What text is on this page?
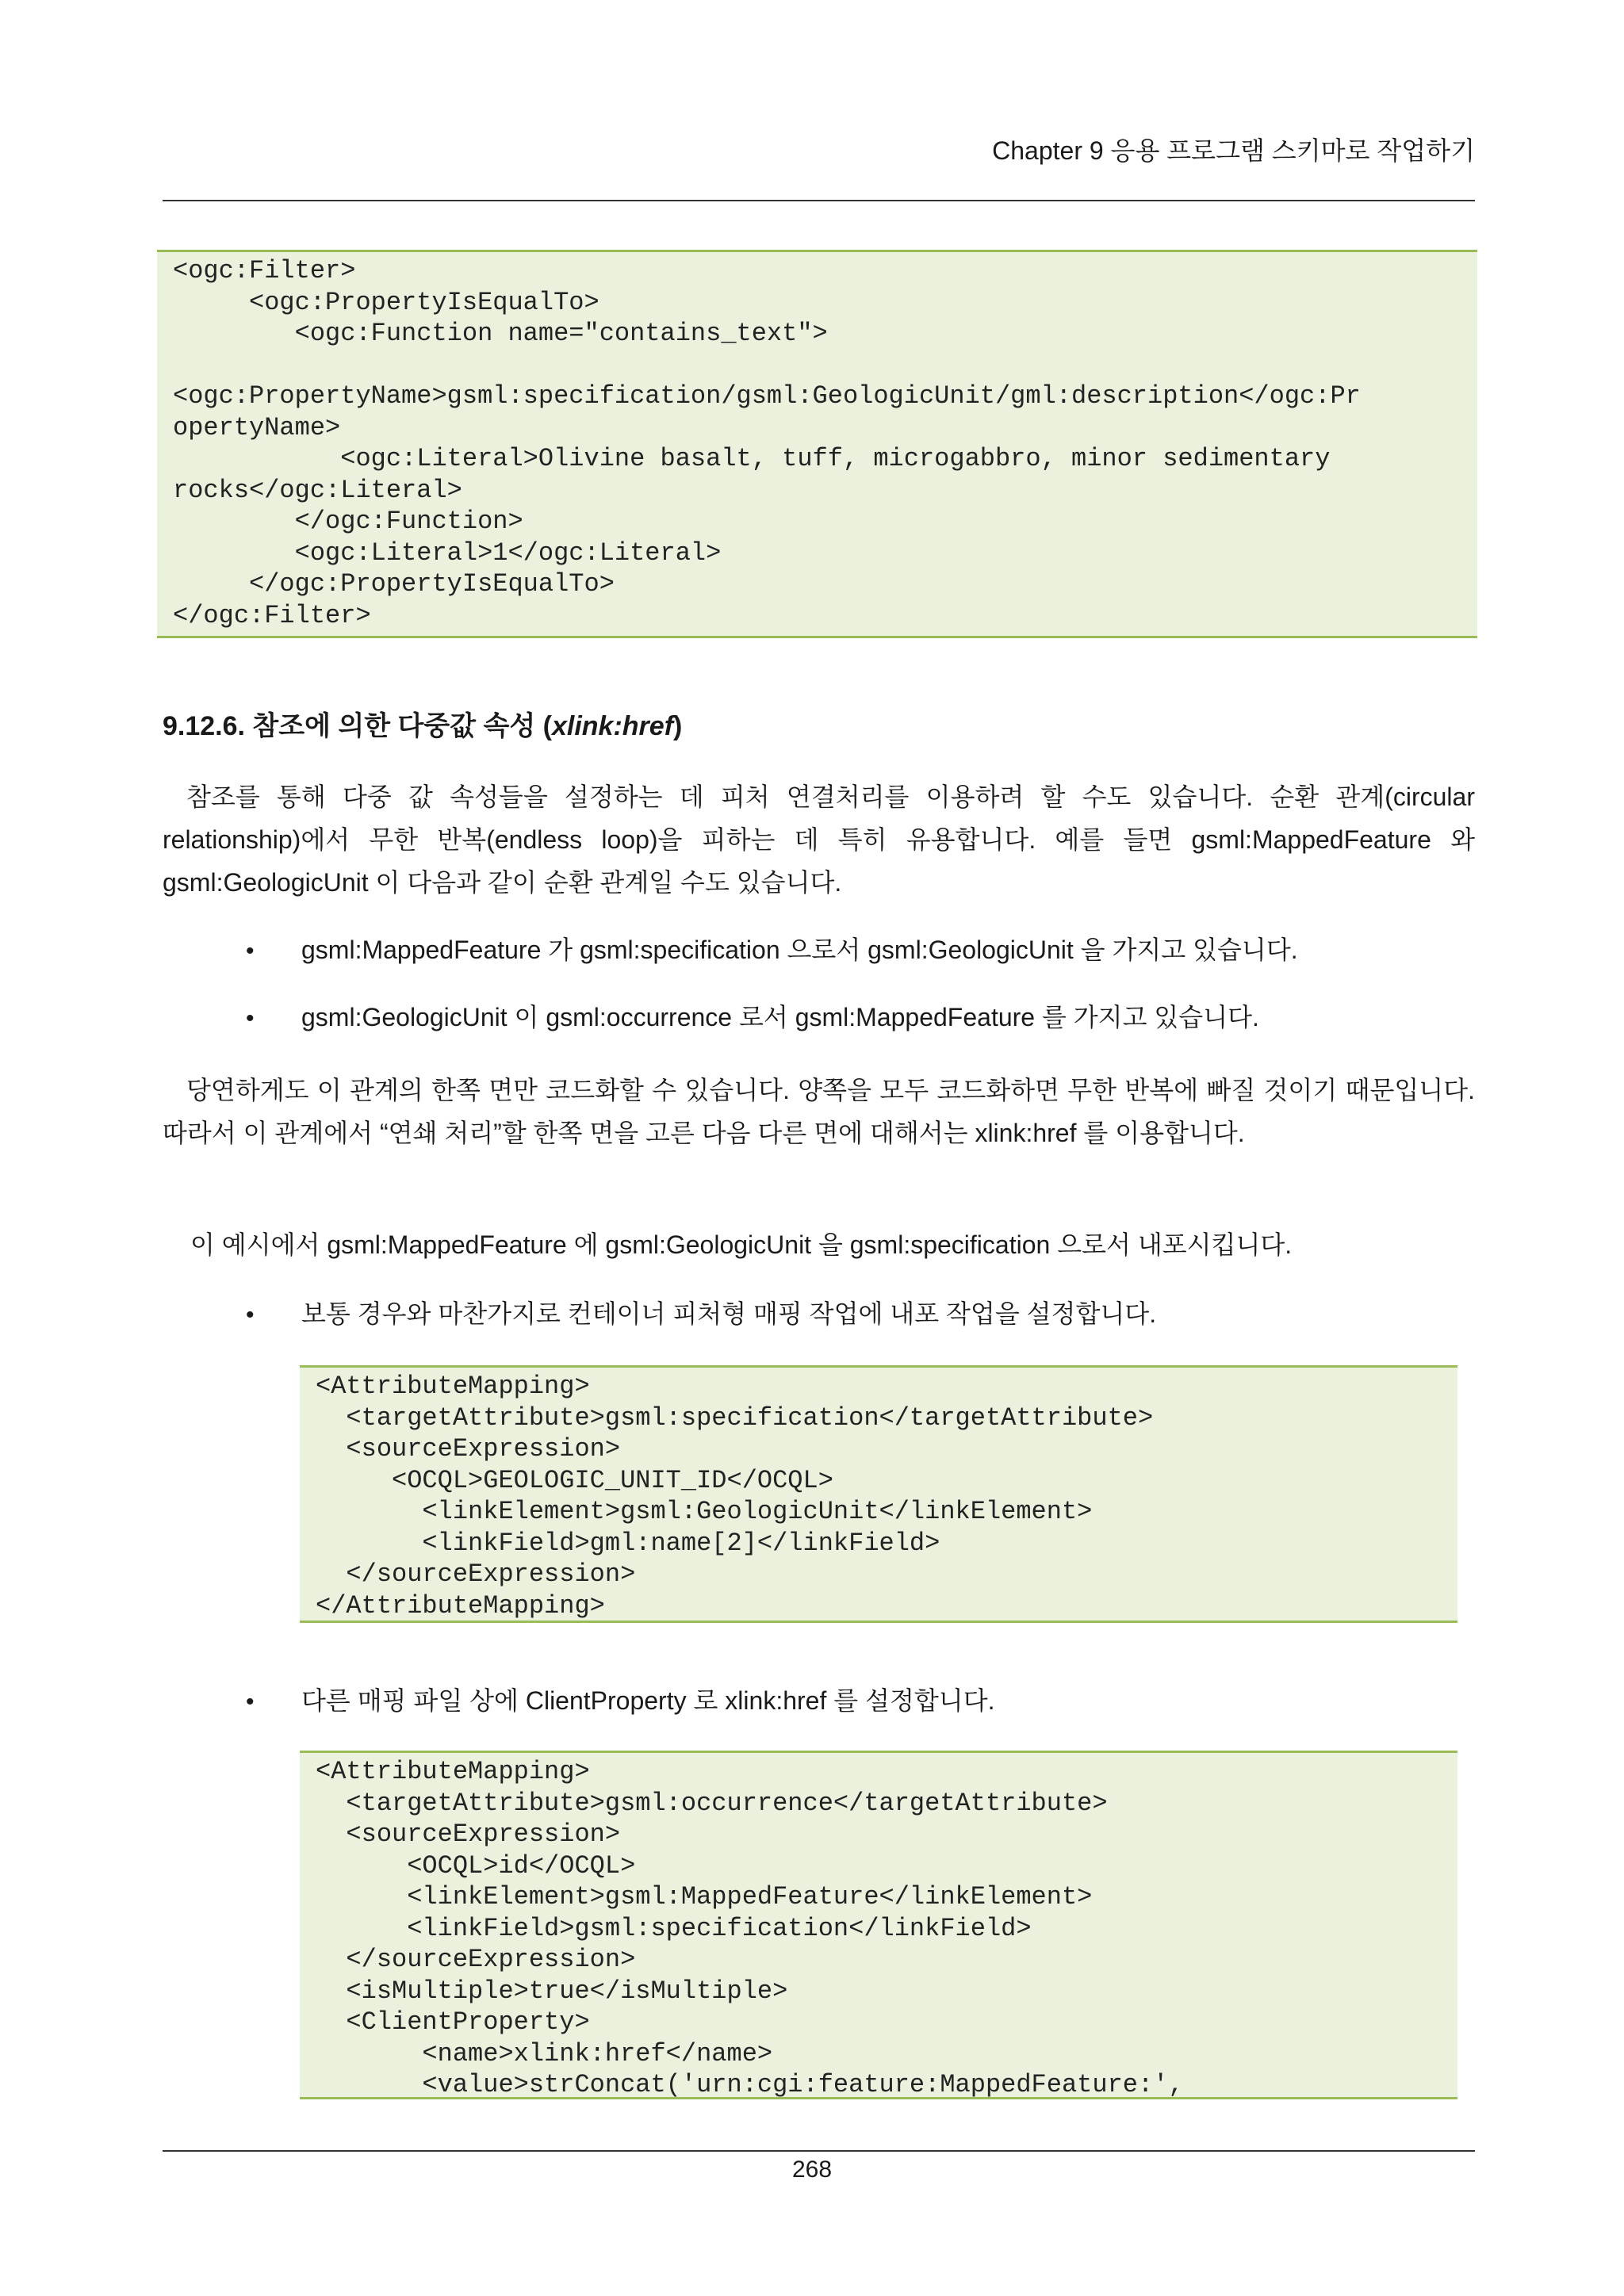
Chapter 9 응용 프로그램 스키마로 작업하기
<ogc:Filter>
<ogc:PropertyIsEqualTo>
<ogc:Function name="contains_text">

<ogc:PropertyName>gsml:specification/gsml:GeologicUnit/gml:description</ogc:Pr
opertyName>
<ogc:Literal>Olivine basalt, tuff, microgabbro, minor sedimentary
rocks</ogc:Literal>
</ogc:Function>
<ogc:Literal>1</ogc:Literal>
</ogc:PropertyIsEqualTo>
</ogc:Filter>
9.12.6. 참조에 의한 다중값 속성 (xlink:href)
참조를 통해 다중 값 속성들을 설정하는 데 피처 연결처리를 이용하려 할 수도 있습니다. 순환 관계(circular relationship)에서 무한 반복(endless loop)을 피하는 데 특히 유용합니다. 예를 들면 gsml:MappedFeature 와 gsml:GeologicUnit 이 다음과 같이 순환 관계일 수도 있습니다.
• gsml:MappedFeature 가 gsml:specification 으로서 gsml:GeologicUnit 을 가지고 있습니다.
• gsml:GeologicUnit 이 gsml:occurrence 로서 gsml:MappedFeature 를 가지고 있습니다.
당연하게도 이 관계의 한쪽 면만 코드화할 수 있습니다. 양쪽을 모두 코드화하면 무한 반복에 빠질 것이기 때문입니다. 따라서 이 관계에서 “연쇄 처리”할 한쪽 면을 고른 다음 다른 면에 대해서는 xlink:href 를 이용합니다.
이 예시에서 gsml:MappedFeature 에 gsml:GeologicUnit 을 gsml:specification 으로서 내포시킵니다.
• 보통 경우와 마찬가지로 컨테이너 피처형 매핑 작업에 내포 작업을 설정합니다.
<AttributeMapping>
<targetAttribute>gsml:specification</targetAttribute>
<sourceExpression>
<OCQL>GEOLOGIC_UNIT_ID</OCQL>
<linkElement>gsml:GeologicUnit</linkElement>
<linkField>gml:name[2]</linkField>
</sourceExpression>
</AttributeMapping>
• 다른 매핑 파일 상에 ClientProperty 로 xlink:href 를 설정합니다.
<AttributeMapping>
<targetAttribute>gsml:occurrence</targetAttribute>
<sourceExpression>
<OCQL>id</OCQL>
<linkElement>gsml:MappedFeature</linkElement>
<linkField>gsml:specification</linkField>
</sourceExpression>
<isMultiple>true</isMultiple>
<ClientProperty>
<name>xlink:href</name>
<value>strConcat('urn:cgi:feature:MappedFeature:',
268
